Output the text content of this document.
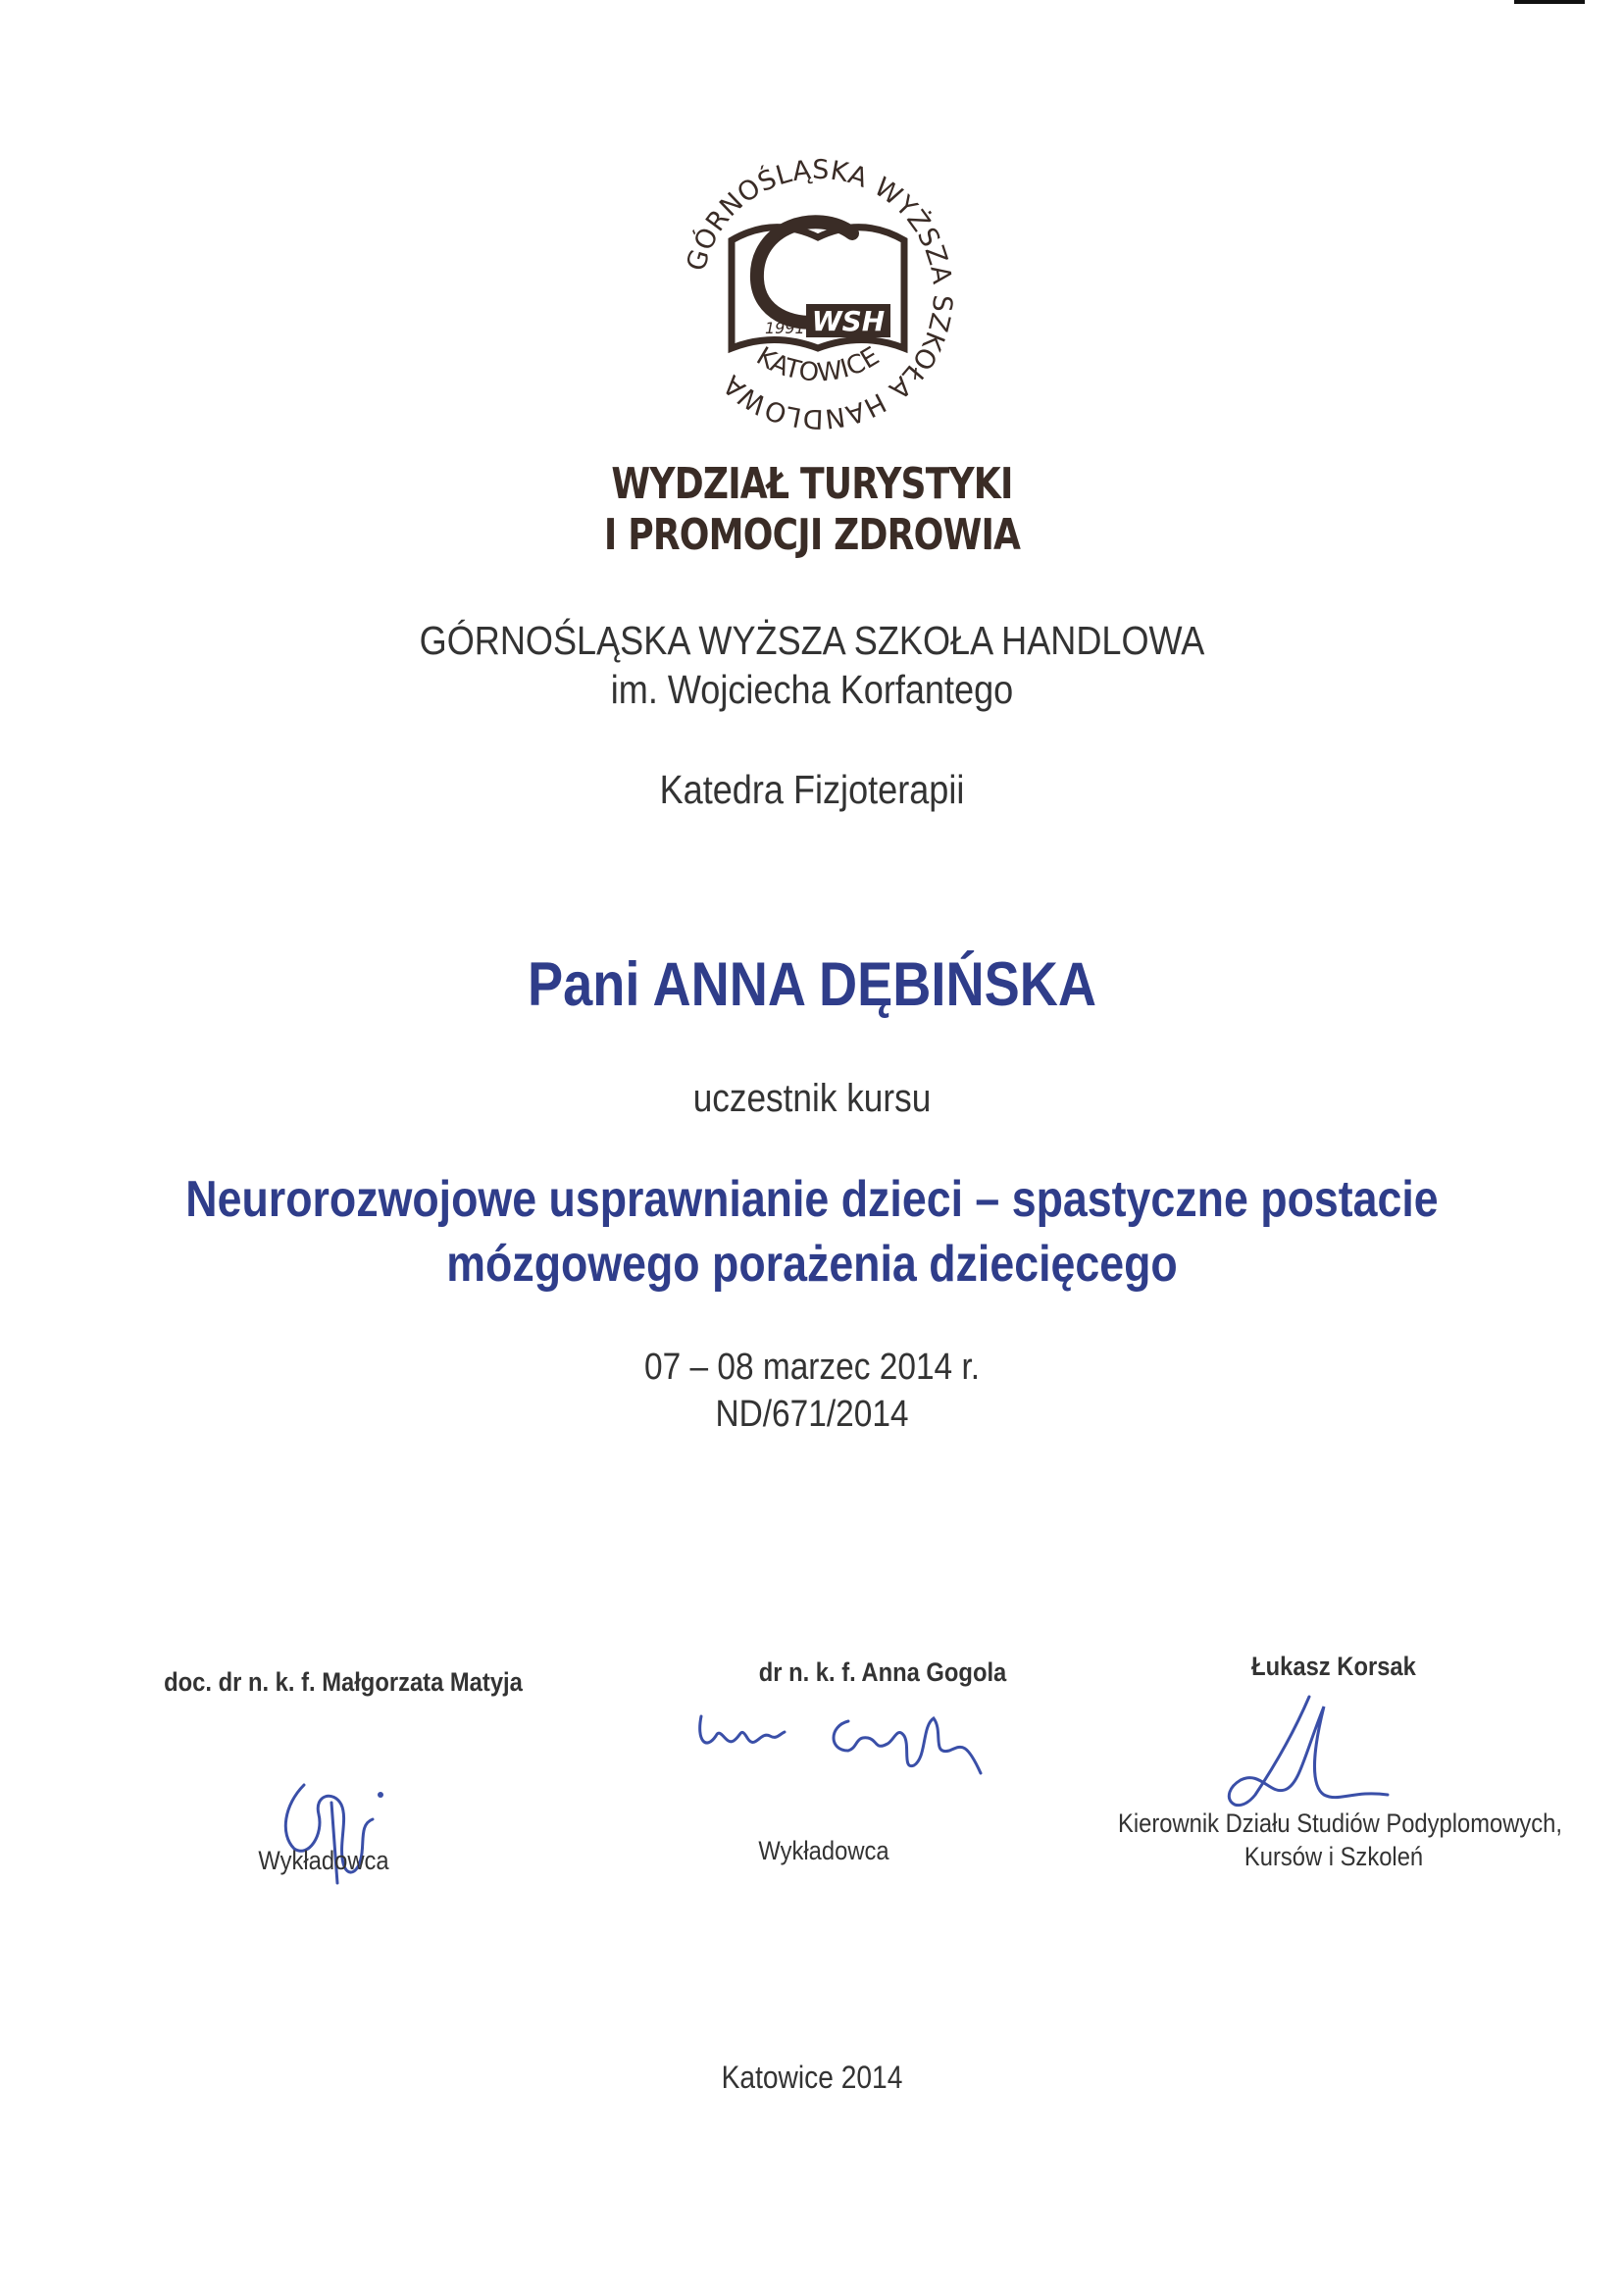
GÓRNOŚLĄSKA WYŻSZA SZKOŁA HANDLOWA
KATOWICE
1991 WSH
WYDZIAŁ TURYSTYKI
I PROMOCJI ZDROWIA
GÓRNOŚLĄSKA WYŻSZA SZKOŁA HANDLOWA
im. Wojciecha Korfantego
Katedra Fizjoterapii
Pani ANNA DĘBIŃSKA
uczestnik kursu
Neurorozwojowe usprawnianie dzieci – spastyczne postacie
mózgowego porażenia dziecięcego
07 – 08 marzec 2014 r.
ND/671/2014
doc. dr n. k. f. Małgorzata Matyja
Wykładowca
dr n. k. f. Anna Gogola
Wykładowca
Łukasz Korsak
Kierownik Działu Studiów Podyplomowych,
Kursów i Szkoleń
Katowice 2014
